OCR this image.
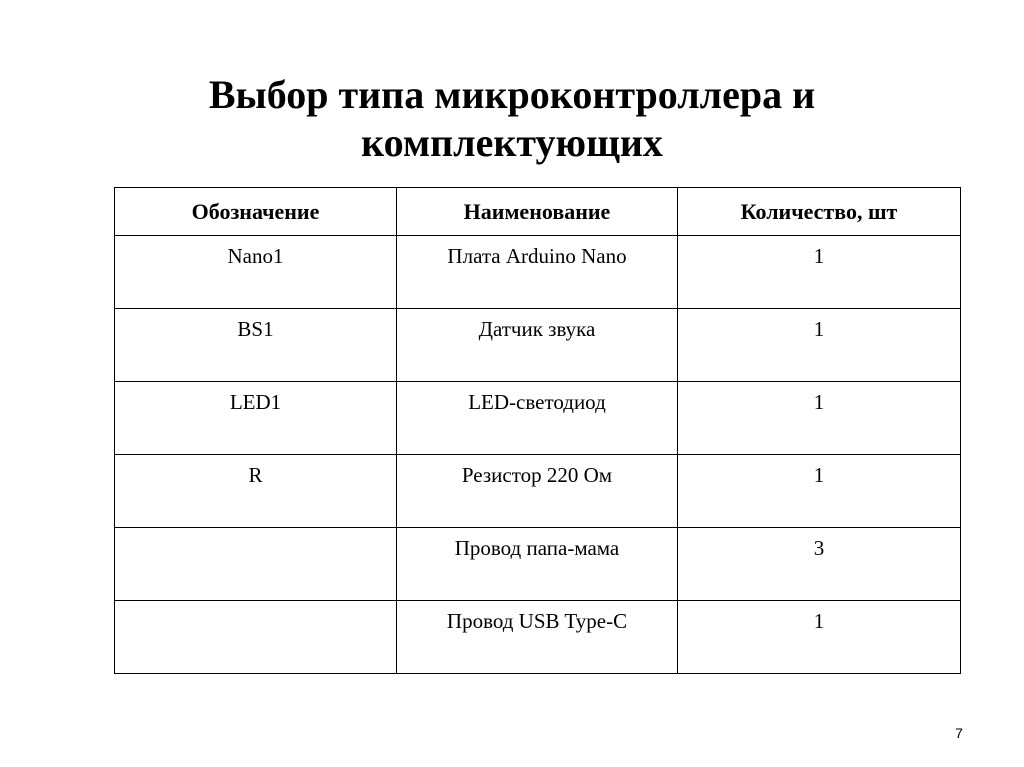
Выбор типа микроконтроллера и
комплектующих
Обозначение	Наименование	Количество, шт
Nano1	Плата Arduino Nano	1
BS1	Датчик звука	1
LED1	LED-светодиод	1
R	Резистор 220 Ом	1
	Провод папа-мама	3
	Провод USB Type-C	1
7
